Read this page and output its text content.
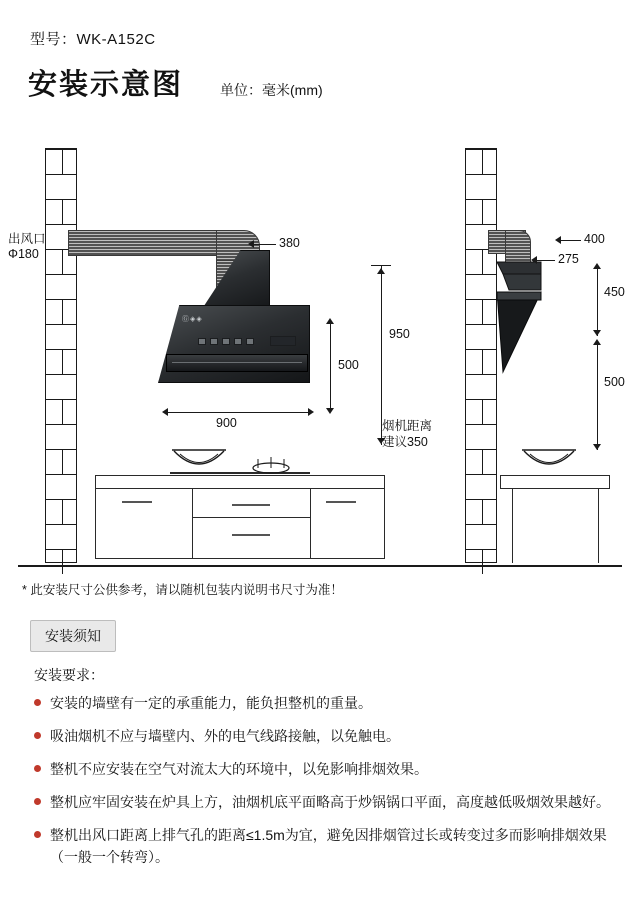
型号：WK-A152C
安装示意图	单位：毫米(mm)
出风口
Φ180
380
Ⓖ◈◈
900
500
950
烟机距离
建议350
400
275
450
500
* 此安装尺寸公供参考，请以随机包装内说明书尺寸为准！
安装须知
安装要求：
安装的墙壁有一定的承重能力，能负担整机的重量。
吸油烟机不应与墙壁内、外的电气线路接触，以免触电。
整机不应安装在空气对流太大的环境中，以免影响排烟效果。
整机应牢固安装在炉具上方，油烟机底平面略高于炒锅锅口平面，高度越低吸烟效果越好。
整机出风口距离上排气孔的距离≤1.5m为宜，避免因排烟管过长或转变过多而影响排烟效果（一般一个转弯）。
